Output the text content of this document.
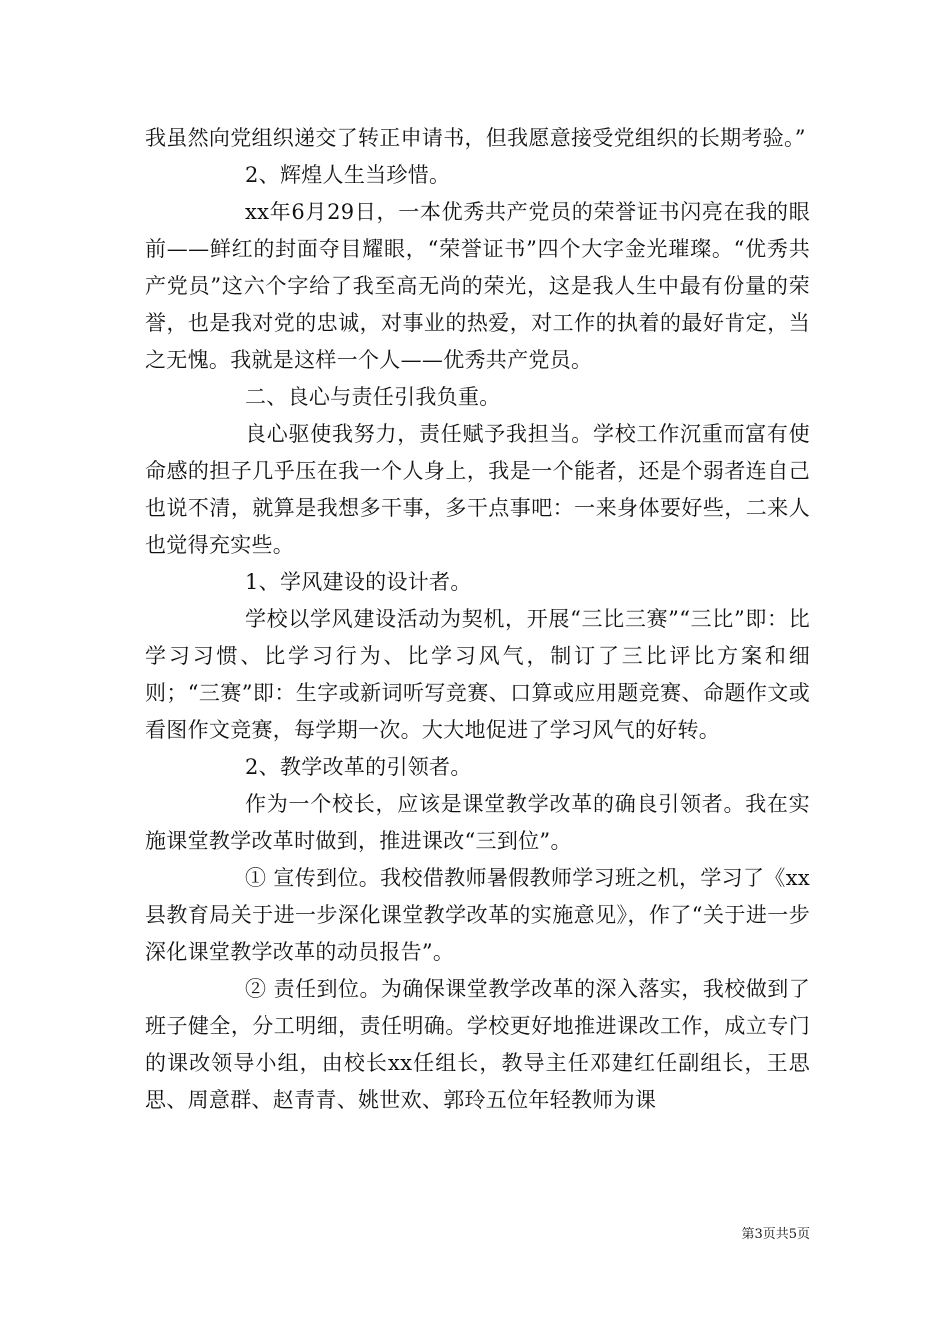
我虽然向党组织递交了转正申请书，但我愿意接受党组织的长期考验。”

2、辉煌人生当珍惜。

xx年6月29日，一本优秀共产党员的荣誉证书闪亮在我的眼前——鲜红的封面夺目耀眼，“荣誉证书”四个大字金光璀璨。“优秀共产党员”这六个字给了我至高无尚的荣光，这是我人生中最有份量的荣誉，也是我对党的忠诚，对事业的热爱，对工作的执着的最好肯定，当之无愧。我就是这样一个人——优秀共产党员。

二、良心与责任引我负重。

良心驱使我努力，责任赋予我担当。学校工作沉重而富有使命感的担子几乎压在我一个人身上，我是一个能者，还是个弱者连自己也说不清，就算是我想多干事，多干点事吧：一来身体要好些，二来人也觉得充实些。

1、学风建设的设计者。

学校以学风建设活动为契机，开展“三比三赛”“三比”即：比学习习惯、比学习行为、比学习风气，制订了三比评比方案和细则；“三赛”即：生字或新词听写竞赛、口算或应用题竞赛、命题作文或看图作文竞赛，每学期一次。大大地促进了学习风气的好转。

2、教学改革的引领者。

作为一个校长，应该是课堂教学改革的确良引领者。我在实施课堂教学改革时做到，推进课改“三到位”。

① 宣传到位。我校借教师暑假教师学习班之机，学习了《xx县教育局关于进一步深化课堂教学改革的实施意见》，作了“关于进一步深化课堂教学改革的动员报告”。

② 责任到位。为确保课堂教学改革的深入落实，我校做到了班子健全，分工明细，责任明确。学校更好地推进课改工作，成立专门的课改领导小组，由校长xx任组长，教导主任邓建红任副组长，王思思、周意群、赵青青、姚世欢、郭玲五位年轻教师为课

第3页共5页
